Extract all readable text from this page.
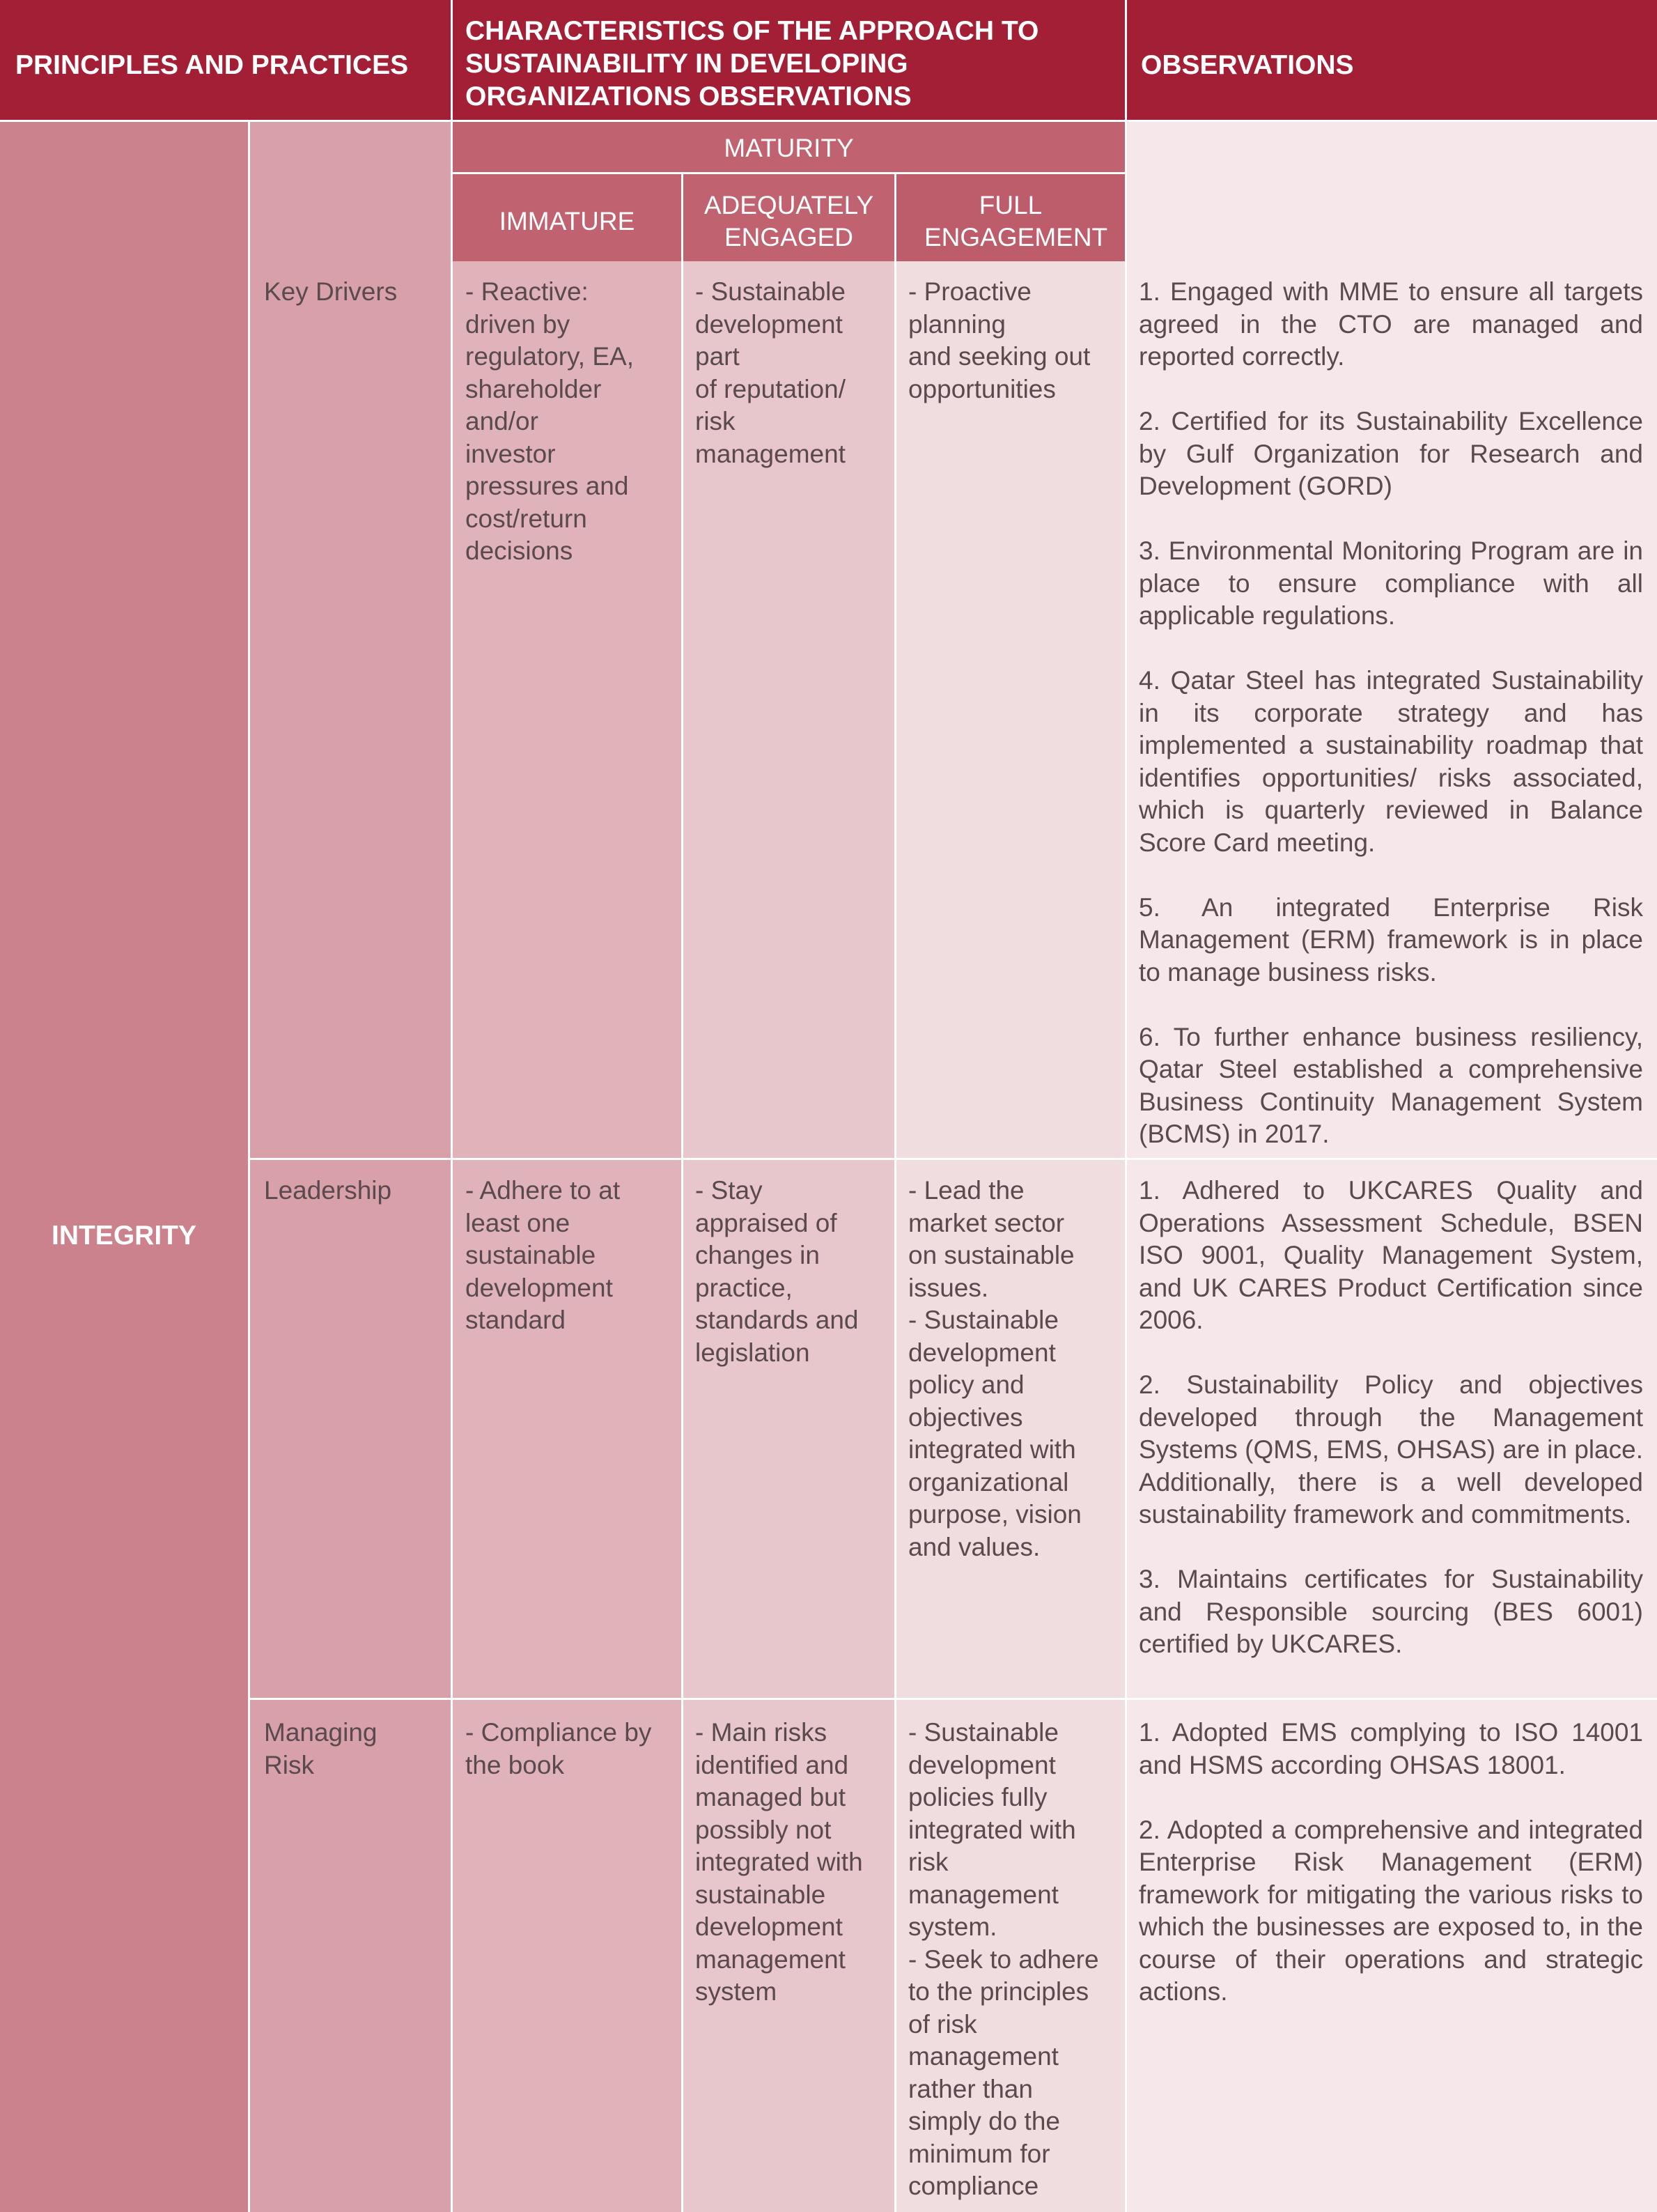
PRINCIPLES AND PRACTICES
CHARACTERISTICS OF THE APPROACH TO SUSTAINABILITY IN DEVELOPING ORGANIZATIONS OBSERVATIONS
OBSERVATIONS
MATURITY
IMMATURE
ADEQUATELY ENGAGED
FULL ENGAGEMENT
INTEGRITY
Key Drivers	- Reactive:
driven by
regulatory, EA,
shareholder
and/or
investor
pressures and
cost/return
decisions
- Sustainable
development
part
of reputation/
risk
management
- Proactive
planning
and seeking out
opportunities

1. Engaged with MME to ensure all targets agreed in the CTO are managed and reported correctly.

2. Certified for its Sustainability Excellence by Gulf Organization for Research and Development (GORD)

3. Environmental Monitoring Program are in place to ensure compliance with all applicable regulations.

4. Qatar Steel has integrated Sustainability in its corporate strategy and has implemented a sustainability roadmap that identifies opportunities/ risks associated, which is quarterly reviewed in Balance Score Card meeting.

5. An integrated Enterprise Risk Management (ERM) framework is in place to manage business risks.

6. To further enhance business resiliency, Qatar Steel established a comprehensive Business Continuity Management System (BCMS) in 2017.

Leadership	- Adhere to at
least one
sustainable
development
standard
- Stay
appraised of
changes in
practice,
standards and
legislation
- Lead the
market sector
on sustainable
issues.
- Sustainable
development
policy and
objectives
integrated with
organizational
purpose, vision
and values.

1. Adhered to UKCARES Quality and Operations Assessment Schedule, BSEN ISO 9001, Quality Management System, and UK CARES Product Certification since 2006.

2. Sustainability Policy and objectives developed through the Management Systems (QMS, EMS, OHSAS) are in place. Additionally, there is a well developed sustainability framework and commitments.

3. Maintains certificates for Sustainability and Responsible sourcing (BES 6001) certified by UKCARES.

Managing
Risk
- Compliance by
the book
- Main risks
identified and
managed but
possibly not
integrated with
sustainable
development
management
system
- Sustainable
development
policies fully
integrated with
risk
management
system.
- Seek to adhere
to the principles
of risk
management
rather than
simply do the
minimum for
compliance

1. Adopted EMS complying to ISO 14001 and HSMS according OHSAS 18001.

2. Adopted a comprehensive and integrated Enterprise Risk Management (ERM) framework for mitigating the various risks to which the businesses are exposed to, in the course of their operations and strategic actions.
